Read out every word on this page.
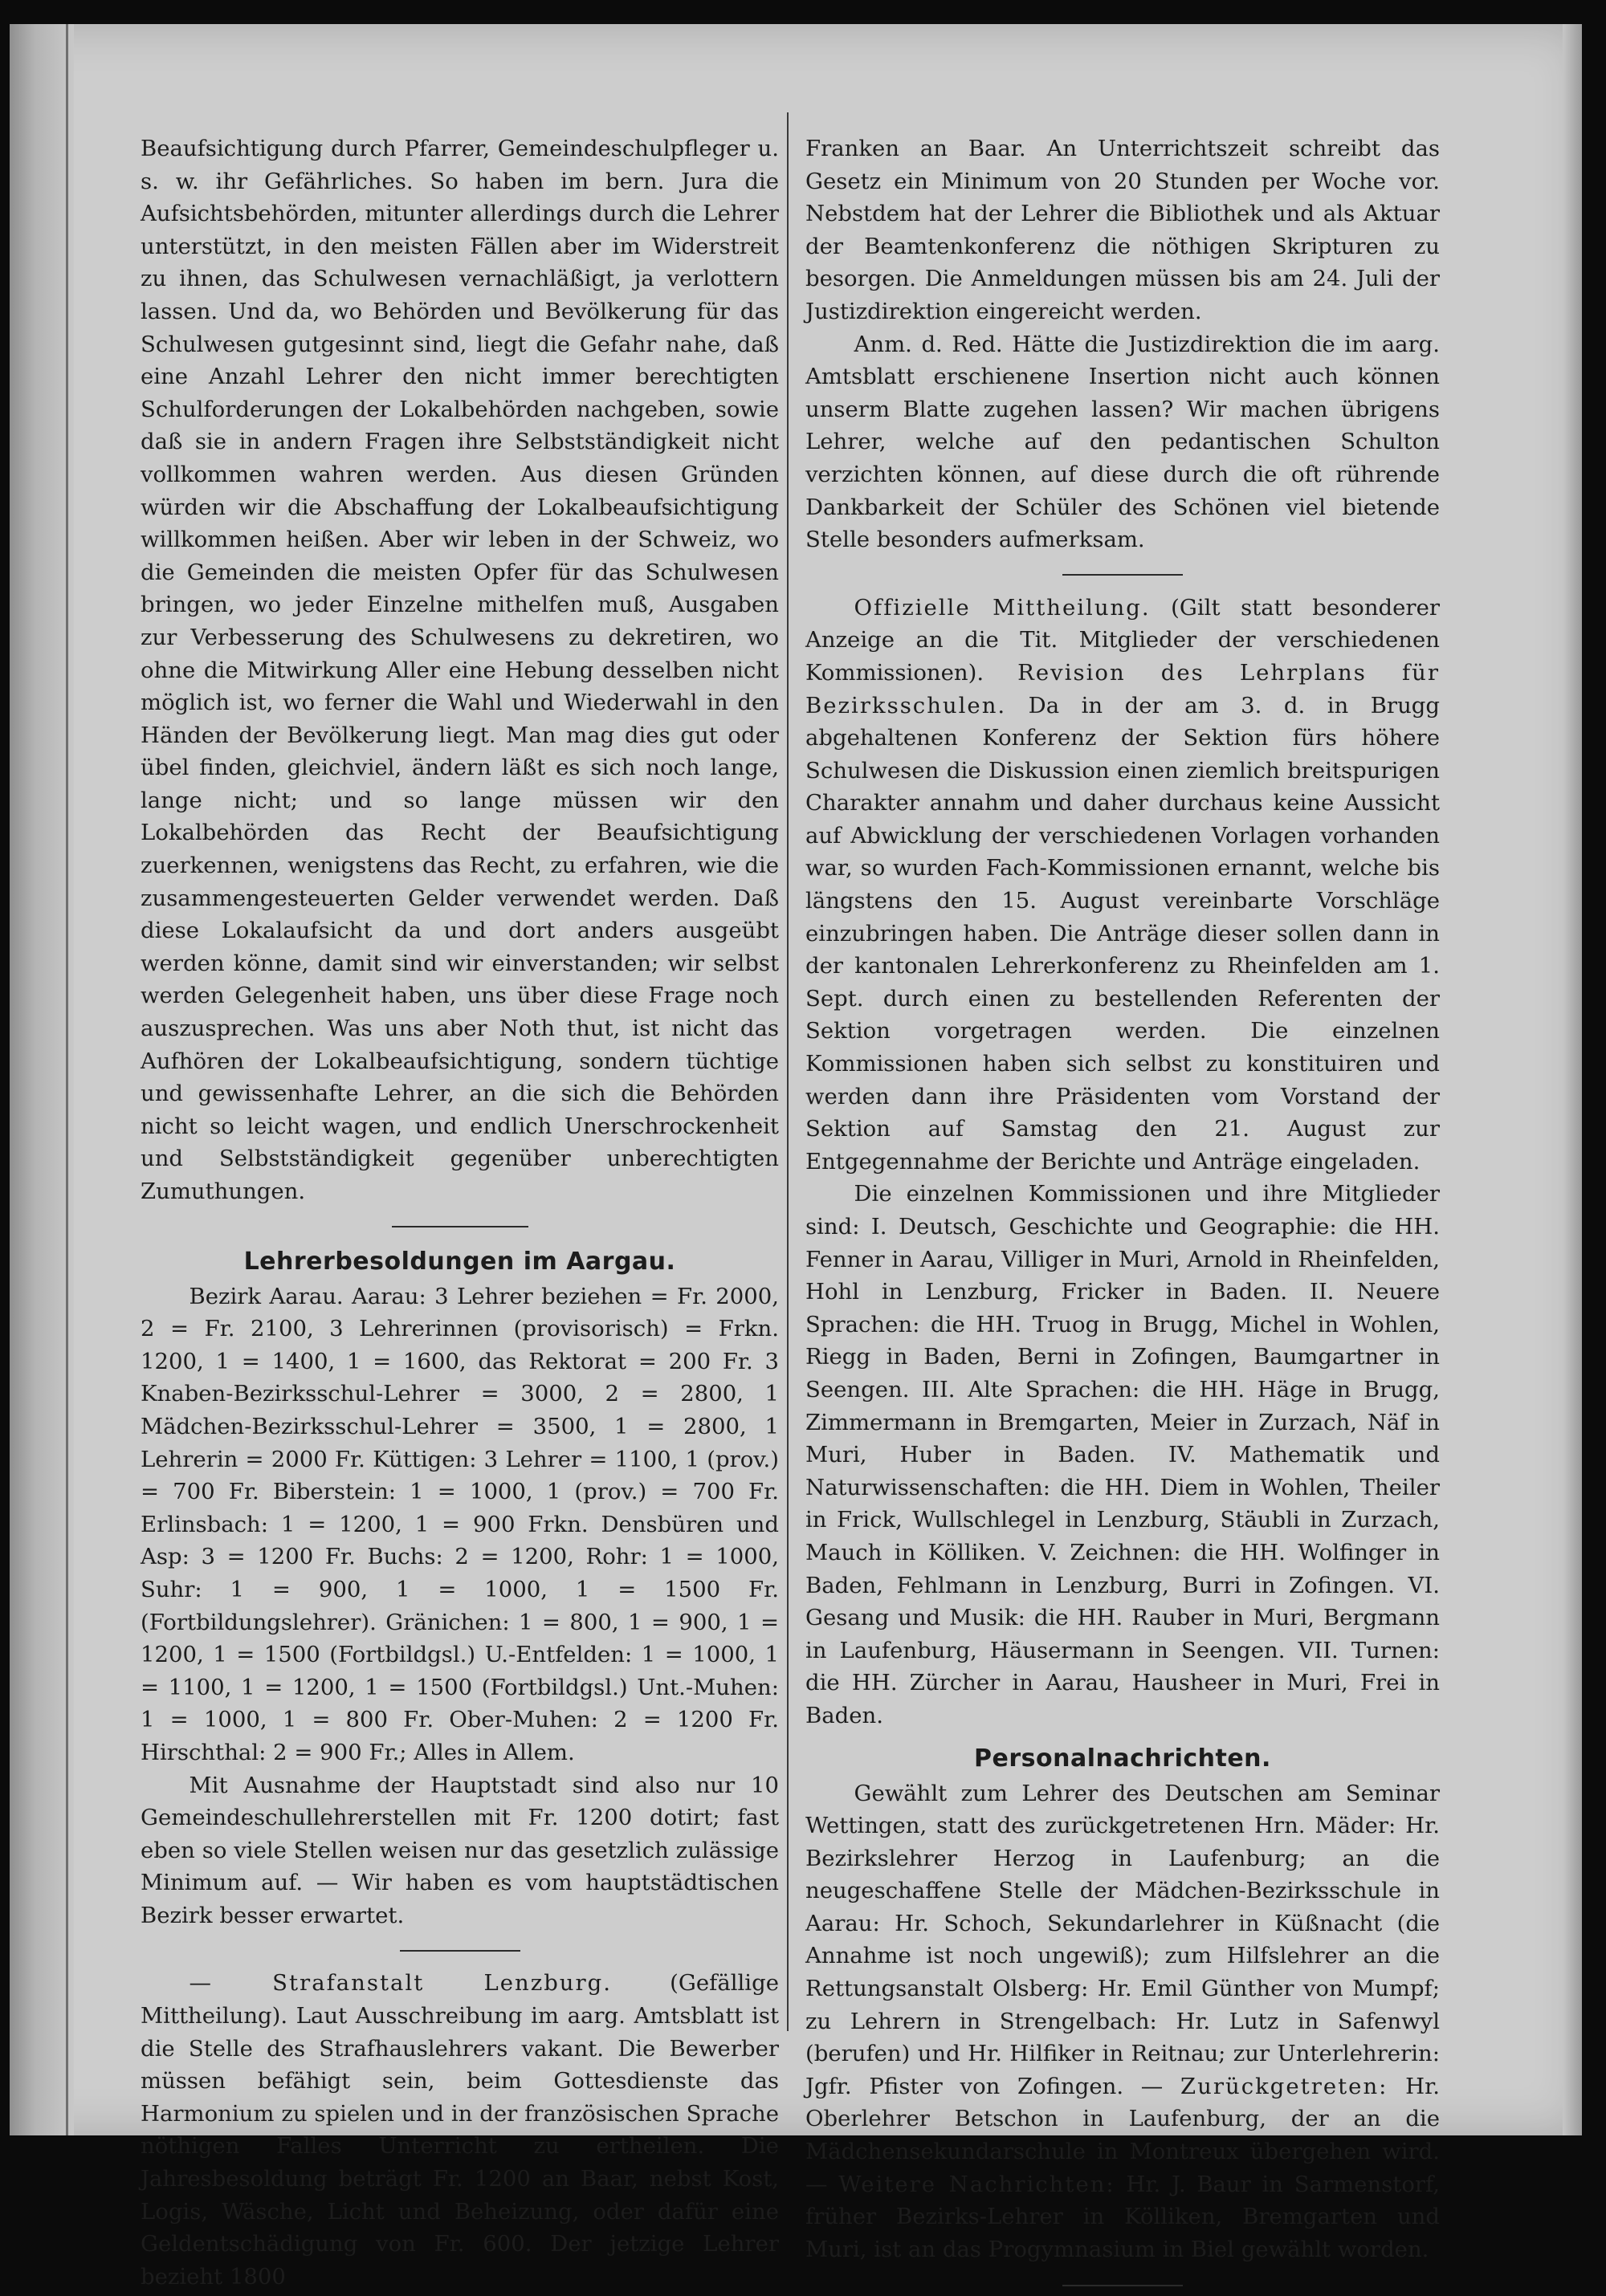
Beaufsichtigung durch Pfarrer, Gemeindeschulpfleger u. s. w. ihr Gefährliches. So haben im bern. Jura die Aufsichtsbehörden, mitunter allerdings durch die Lehrer unterstützt, in den meisten Fällen aber im Widerstreit zu ihnen, das Schulwesen vernachläßigt, ja verlottern lassen. Und da, wo Behörden und Bevölkerung für das Schulwesen gutgesinnt sind, liegt die Gefahr nahe, daß eine Anzahl Lehrer den nicht immer berechtigten Schulforderungen der Lokalbehörden nachgeben, sowie daß sie in andern Fragen ihre Selbstständigkeit nicht vollkommen wahren werden. Aus diesen Gründen würden wir die Abschaffung der Lokalbeaufsichtigung willkommen heißen. Aber wir leben in der Schweiz, wo die Gemeinden die meisten Opfer für das Schulwesen bringen, wo jeder Einzelne mithelfen muß, Ausgaben zur Verbesserung des Schulwesens zu dekretiren, wo ohne die Mitwirkung Aller eine Hebung desselben nicht möglich ist, wo ferner die Wahl und Wiederwahl in den Händen der Bevölkerung liegt. Man mag dies gut oder übel finden, gleichviel, ändern läßt es sich noch lange, lange nicht; und so lange müssen wir den Lokalbehörden das Recht der Beaufsichtigung zuerkennen, wenigstens das Recht, zu erfahren, wie die zusammengesteuerten Gelder verwendet werden. Daß diese Lokalaufsicht da und dort anders ausgeübt werden könne, damit sind wir einverstanden; wir selbst werden Gelegenheit haben, uns über diese Frage noch auszusprechen. Was uns aber Noth thut, ist nicht das Aufhören der Lokalbeaufsichtigung, sondern tüchtige und gewissenhafte Lehrer, an die sich die Behörden nicht so leicht wagen, und endlich Unerschrockenheit und Selbstständigkeit gegenüber unberechtigten Zumuthungen.

Lehrerbesoldungen im Aargau.

Bezirk Aarau. Aarau: 3 Lehrer beziehen = Fr. 2000, 2 = Fr. 2100, 3 Lehrerinnen (provisorisch) = Frkn. 1200, 1 = 1400, 1 = 1600, das Rektorat = 200 Fr. 3 Knaben-Bezirksschul-Lehrer = 3000, 2 = 2800, 1 Mädchen-Bezirksschul-Lehrer = 3500, 1 = 2800, 1 Lehrerin = 2000 Fr. Küttigen: 3 Lehrer = 1100, 1 (prov.) = 700 Fr. Biberstein: 1 = 1000, 1 (prov.) = 700 Fr. Erlinsbach: 1 = 1200, 1 = 900 Frkn. Densbüren und Asp: 3 = 1200 Fr. Buchs: 2 = 1200, Rohr: 1 = 1000, Suhr: 1 = 900, 1 = 1000, 1 = 1500 Fr. (Fortbildungslehrer). Gränichen: 1 = 800, 1 = 900, 1 = 1200, 1 = 1500 (Fortbildgsl.) U.-Entfelden: 1 = 1000, 1 = 1100, 1 = 1200, 1 = 1500 (Fortbildgsl.) Unt.-Muhen: 1 = 1000, 1 = 800 Fr. Ober-Muhen: 2 = 1200 Fr. Hirschthal: 2 = 900 Fr.; Alles in Allem.

Mit Ausnahme der Hauptstadt sind also nur 10 Gemeindeschullehrerstellen mit Fr. 1200 dotirt; fast eben so viele Stellen weisen nur das gesetzlich zulässige Minimum auf. — Wir haben es vom hauptstädtischen Bezirk besser erwartet.

— Strafanstalt Lenzburg. (Gefällige Mittheilung). Laut Ausschreibung im aarg. Amtsblatt ist die Stelle des Strafhauslehrers vakant. Die Bewerber müssen befähigt sein, beim Gottesdienste das Harmonium zu spielen und in der französischen Sprache nöthigen Falles Unterricht zu ertheilen. Die Jahresbesoldung beträgt Fr. 1200 an Baar, nebst Kost, Logis, Wäsche, Licht und Beheizung, oder dafür eine Geldentschädigung von Fr. 600. Der jetzige Lehrer bezieht 1800

Franken an Baar. An Unterrichtszeit schreibt das Gesetz ein Minimum von 20 Stunden per Woche vor. Nebstdem hat der Lehrer die Bibliothek und als Aktuar der Beamtenkonferenz die nöthigen Skripturen zu besorgen. Die Anmeldungen müssen bis am 24. Juli der Justizdirektion eingereicht werden.

Anm. d. Red. Hätte die Justizdirektion die im aarg. Amtsblatt erschienene Insertion nicht auch können unserm Blatte zugehen lassen? Wir machen übrigens Lehrer, welche auf den pedantischen Schulton verzichten können, auf diese durch die oft rührende Dankbarkeit der Schüler des Schönen viel bietende Stelle besonders aufmerksam.

Offizielle Mittheilung. (Gilt statt besonderer Anzeige an die Tit. Mitglieder der verschiedenen Kommissionen). Revision des Lehrplans für Bezirksschulen. Da in der am 3. d. in Brugg abgehaltenen Konferenz der Sektion fürs höhere Schulwesen die Diskussion einen ziemlich breitspurigen Charakter annahm und daher durchaus keine Aussicht auf Abwicklung der verschiedenen Vorlagen vorhanden war, so wurden Fach-Kommissionen ernannt, welche bis längstens den 15. August vereinbarte Vorschläge einzubringen haben. Die Anträge dieser sollen dann in der kantonalen Lehrerkonferenz zu Rheinfelden am 1. Sept. durch einen zu bestellenden Referenten der Sektion vorgetragen werden. Die einzelnen Kommissionen haben sich selbst zu konstituiren und werden dann ihre Präsidenten vom Vorstand der Sektion auf Samstag den 21. August zur Entgegennahme der Berichte und Anträge eingeladen.

Die einzelnen Kommissionen und ihre Mitglieder sind: I. Deutsch, Geschichte und Geographie: die HH. Fenner in Aarau, Villiger in Muri, Arnold in Rheinfelden, Hohl in Lenzburg, Fricker in Baden. II. Neuere Sprachen: die HH. Truog in Brugg, Michel in Wohlen, Riegg in Baden, Berni in Zofingen, Baumgartner in Seengen. III. Alte Sprachen: die HH. Häge in Brugg, Zimmermann in Bremgarten, Meier in Zurzach, Näf in Muri, Huber in Baden. IV. Mathematik und Naturwissenschaften: die HH. Diem in Wohlen, Theiler in Frick, Wullschlegel in Lenzburg, Stäubli in Zurzach, Mauch in Kölliken. V. Zeichnen: die HH. Wolfinger in Baden, Fehlmann in Lenzburg, Burri in Zofingen. VI. Gesang und Musik: die HH. Rauber in Muri, Bergmann in Laufenburg, Häusermann in Seengen. VII. Turnen: die HH. Zürcher in Aarau, Hausheer in Muri, Frei in Baden.

Personalnachrichten.

Gewählt zum Lehrer des Deutschen am Seminar Wettingen, statt des zurückgetretenen Hrn. Mäder: Hr. Bezirkslehrer Herzog in Laufenburg; an die neugeschaffene Stelle der Mädchen-Bezirksschule in Aarau: Hr. Schoch, Sekundarlehrer in Küßnacht (die Annahme ist noch ungewiß); zum Hilfslehrer an die Rettungsanstalt Olsberg: Hr. Emil Günther von Mumpf; zu Lehrern in Strengelbach: Hr. Lutz in Safenwyl (berufen) und Hr. Hilfiker in Reitnau; zur Unterlehrerin: Jgfr. Pfister von Zofingen. — Zurückgetreten: Hr. Oberlehrer Betschon in Laufenburg, der an die Mädchensekundarschule in Montreux übergehen wird. — Weitere Nachrichten: Hr. J. Baur in Sarmenstorf, früher Bezirks-Lehrer in Kölliken, Bremgarten und Muri, ist an das Progymnasium in Biel gewählt worden.
